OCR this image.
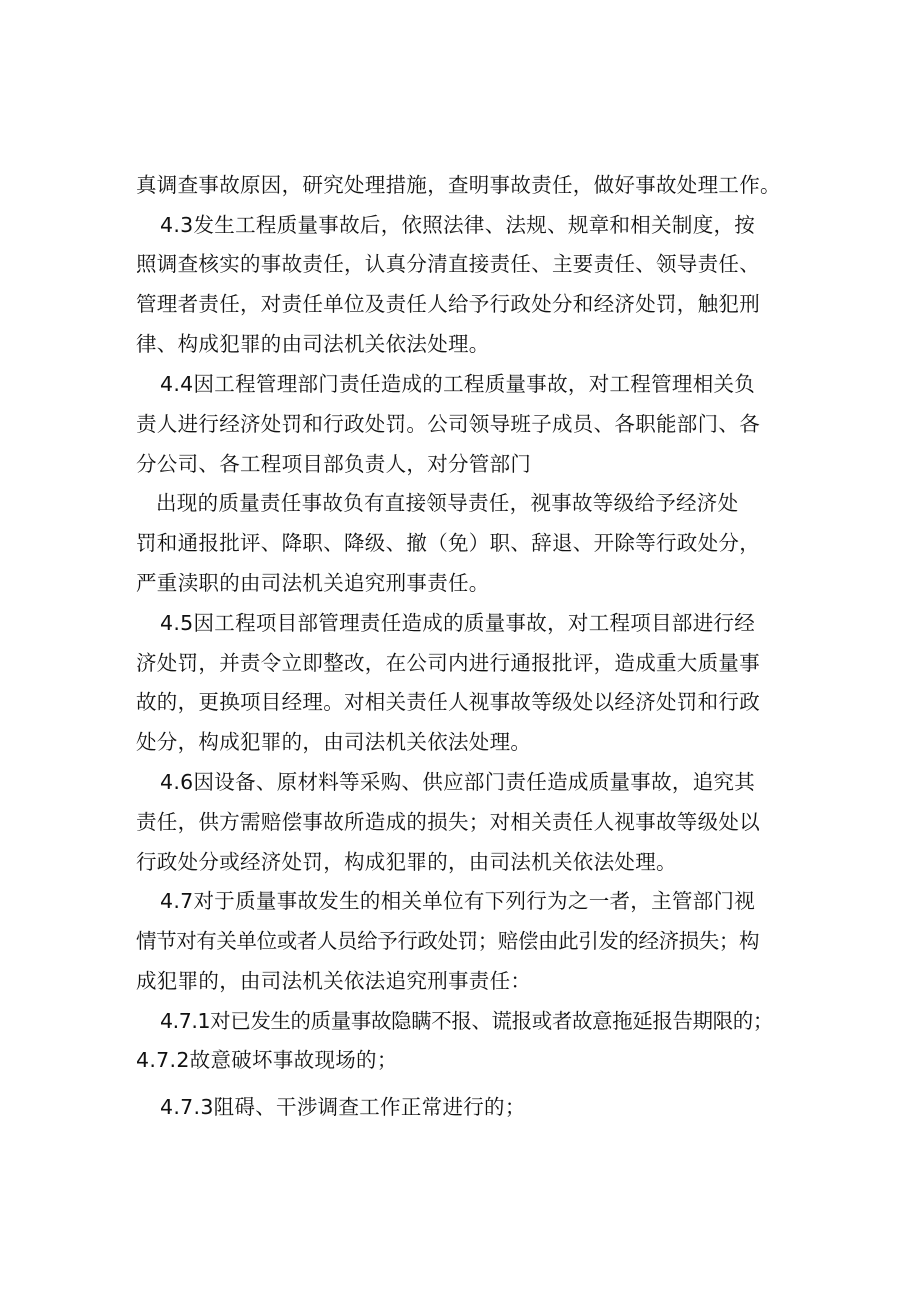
真调查事故原因，研究处理措施，查明事故责任，做好事故处理工作。
4.3发生工程质量事故后，依照法律、法规、规章和相关制度，按
照调查核实的事故责任，认真分清直接责任、主要责任、领导责任、
管理者责任，对责任单位及责任人给予行政处分和经济处罚，触犯刑
律、构成犯罪的由司法机关依法处理。
4.4因工程管理部门责任造成的工程质量事故，对工程管理相关负
责人进行经济处罚和行政处罚。公司领导班子成员、各职能部门、各
分公司、各工程项目部负责人，对分管部门
出现的质量责任事故负有直接领导责任，视事故等级给予经济处
罚和通报批评、降职、降级、撤（免）职、辞退、开除等行政处分，
严重渎职的由司法机关追究刑事责任。
4.5因工程项目部管理责任造成的质量事故，对工程项目部进行经
济处罚，并责令立即整改，在公司内进行通报批评，造成重大质量事
故的，更换项目经理。对相关责任人视事故等级处以经济处罚和行政
处分，构成犯罪的，由司法机关依法处理。
4.6因设备、原材料等采购、供应部门责任造成质量事故，追究其
责任，供方需赔偿事故所造成的损失；对相关责任人视事故等级处以
行政处分或经济处罚，构成犯罪的，由司法机关依法处理。
4.7对于质量事故发生的相关单位有下列行为之一者，主管部门视
情节对有关单位或者人员给予行政处罚；赔偿由此引发的经济损失；构
成犯罪的，由司法机关依法追究刑事责任：
4.7.1对已发生的质量事故隐瞒不报、谎报或者故意拖延报告期限的；
4.7.2故意破坏事故现场的；
4.7.3阻碍、干涉调查工作正常进行的；
